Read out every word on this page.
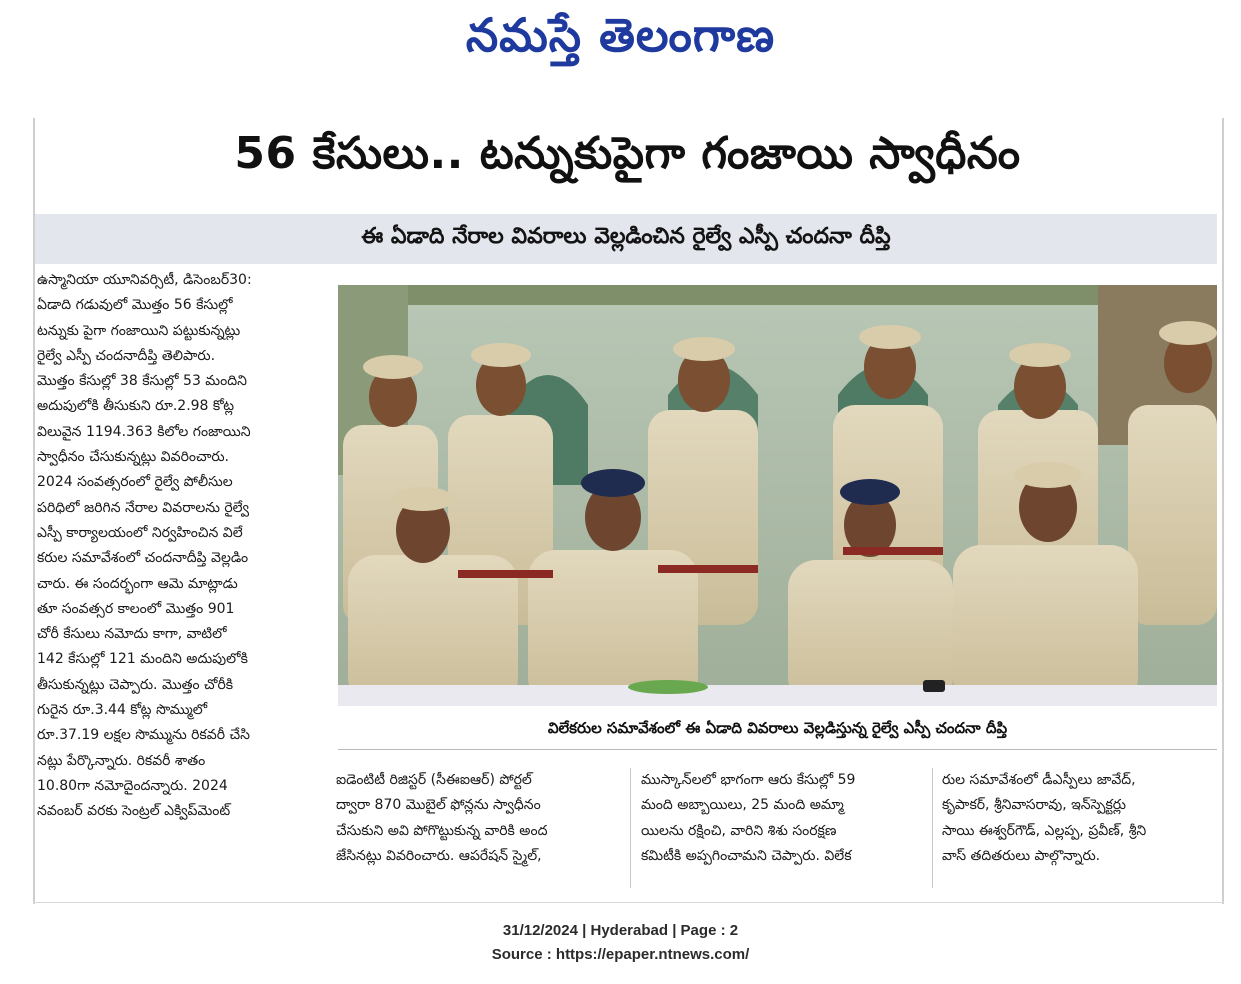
నమస్తే తెలంగాణ
56 కేసులు.. టన్నుకుపైగా గంజాయి స్వాధీనం
ఈ ఏడాది నేరాల వివరాలు వెల్లడించిన రైల్వే ఎస్పీ చందనా దీప్తి
ఉస్మానియా యూనివర్సిటీ, డిసెంబర్30:
ఏడాది గడువులో మొత్తం 56 కేసుల్లో
టన్నుకు పైగా గంజాయిని పట్టుకున్నట్లు
రైల్వే ఎస్పీ చందనాదీప్తి తెలిపారు.
మొత్తం కేసుల్లో 38 కేసుల్లో 53 మందిని
అదుపులోకి తీసుకుని రూ.2.98 కోట్ల
విలువైన 1194.363 కిలోల గంజాయిని
స్వాధీనం చేసుకున్నట్లు వివరించారు.
2024 సంవత్సరంలో రైల్వే పోలీసుల
పరిధిలో జరిగిన నేరాల వివరాలను రైల్వే
ఎస్పీ కార్యాలయంలో నిర్వహించిన విలే
కరుల సమావేశంలో చందనాదీప్తి వెల్లడిం
చారు. ఈ సందర్భంగా ఆమె మాట్లాడు
తూ సంవత్సర కాలంలో మొత్తం 901
చోరీ కేసులు నమోదు కాగా, వాటిలో
142 కేసుల్లో 121 మందిని అదుపులోకి
తీసుకున్నట్లు చెప్పారు. మొత్తం చోరీకి
గురైన రూ.3.44 కోట్ల సొమ్ములో
రూ.37.19 లక్షల సొమ్మును రికవరీ చేసి
నట్లు పేర్కొన్నారు. రికవరీ శాతం
10.80గా నమోదైందన్నారు. 2024
నవంబర్ వరకు సెంట్రల్ ఎక్విప్‌మెంట్
విలేకరుల సమావేశంలో ఈ ఏడాది వివరాలు వెల్లడిస్తున్న రైల్వే ఎస్పీ చందనా దీప్తి
ఐడెంటిటీ రిజిస్టర్ (సీఈఐఆర్) పోర్టల్
ద్వారా 870 మొబైల్ ఫోన్లను స్వాధీనం
చేసుకుని అవి పోగొట్టుకున్న వారికి అంద
జేసినట్లు వివరించారు. ఆపరేషన్ స్మైల్,
ముస్కాన్‌లలో భాగంగా ఆరు కేసుల్లో 59
మంది అబ్బాయిలు, 25 మంది అమ్మా
యిలను రక్షించి, వారిని శిశు సంరక్షణ
కమిటీకి అప్పగించామని చెప్పారు. విలేక
రుల సమావేశంలో డీఎస్పీలు జావేద్,
కృపాకర్, శ్రీనివాసరావు, ఇన్‌స్పెక్టర్లు
సాయి ఈశ్వర్‌గౌడ్, ఎల్లప్ప, ప్రవీణ్, శ్రీని
వాస్ తదితరులు పాల్గొన్నారు.
31/12/2024 | Hyderabad | Page : 2
Source : https://epaper.ntnews.com/
